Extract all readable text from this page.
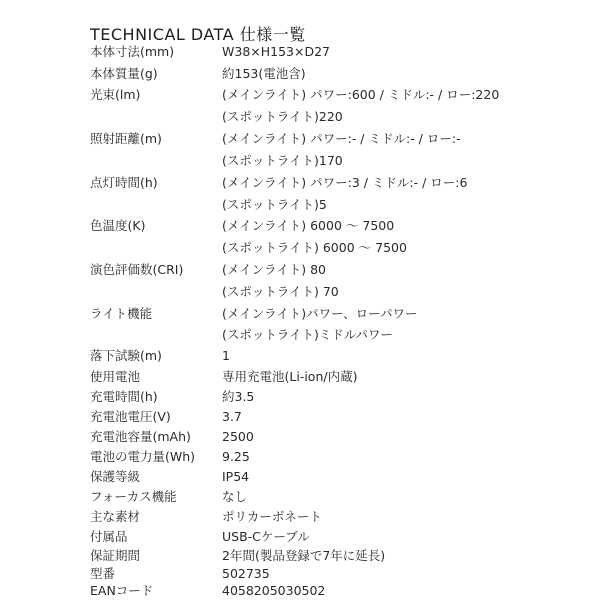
TECHNICAL DATA 仕様一覧
本体寸法(mm)	W38×H153×D27
本体質量(g)	約153(電池含)
光束(lm)	(メインライト) パワー:600 / ミドル:- / ロー:220
(スポットライト)220
照射距離(m)	(メインライト) パワー:- / ミドル:- / ロー:-
(スポットライト)170
点灯時間(h)	(メインライト) パワー:3 / ミドル:- / ロー:6
(スポットライト)5
色温度(K)	(メインライト) 6000 〜 7500
(スポットライト) 6000 〜 7500
演色評価数(CRI)	(メインライト) 80
(スポットライト) 70
ライト機能	(メインライト)パワー、ローパワー
(スポットライト)ミドルパワー
落下試験(m)	1
使用電池	専用充電池(Li-ion/内蔵)
充電時間(h)	約3.5
充電池電圧(V)	3.7
充電池容量(mAh) 2500
電池の電力量(Wh) 9.25
保護等級	IP54
フォーカス機能	なし
主な素材	ポリカーボネート
付属品	USB-Cケーブル
保証期間	2年間(製品登録で7年に延長)
型番	502735
EANコード	4058205030502
